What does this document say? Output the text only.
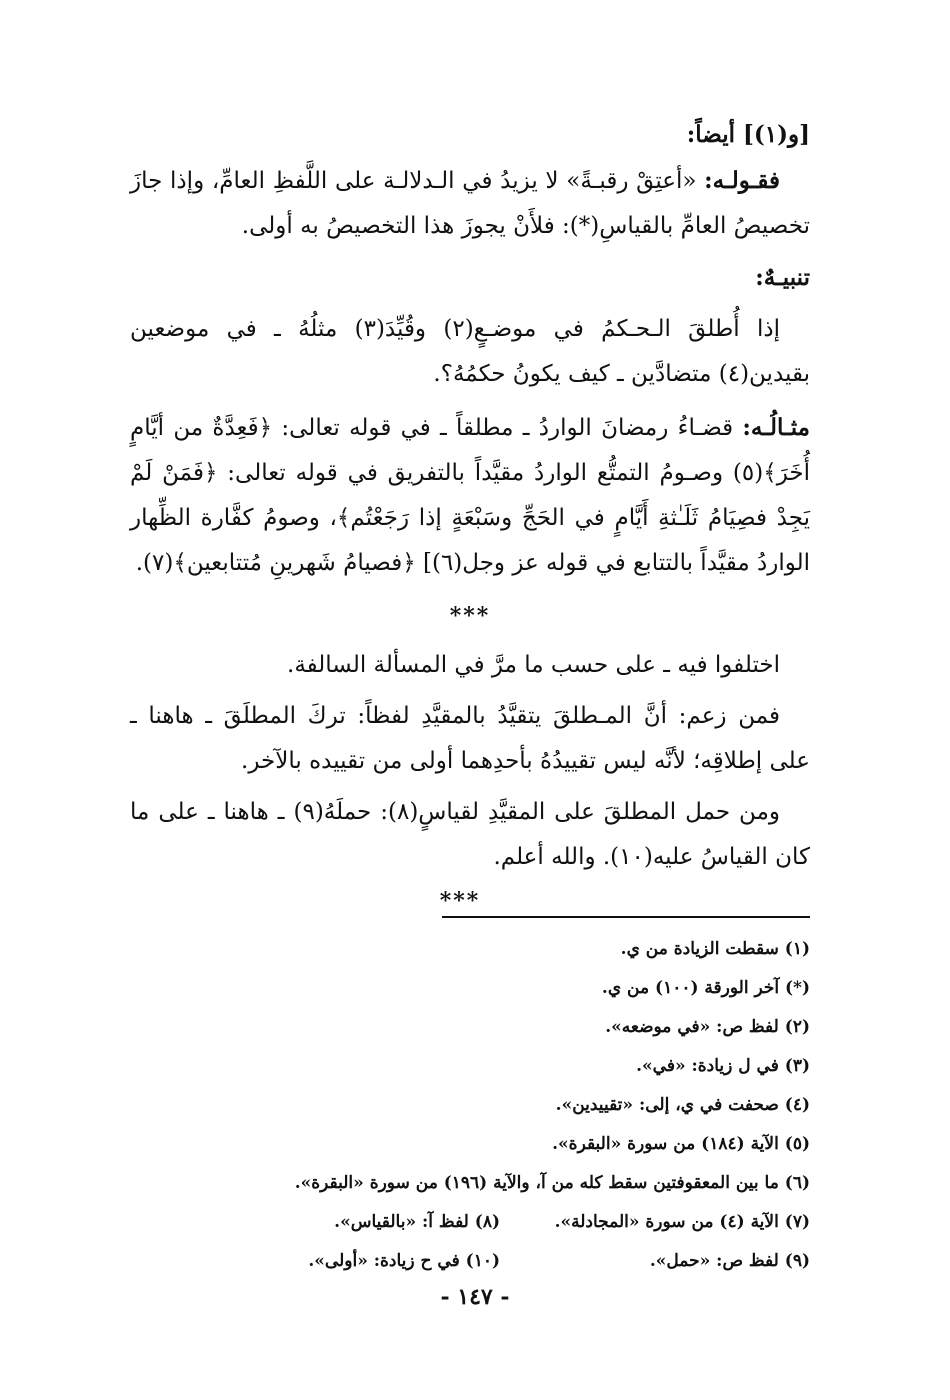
[و(١)] أيضاً:

فقـولـه: «أعتِقْ رقبـةً» لا يزيدُ في الـدلالـة على اللَّفظِ العامِّ، وإذا جازَ تخصيصُ العامِّ بالقياسِ(*): فلأَنْ يجوزَ هذا التخصيصُ به أولى.

تنبيـهٌ:

إذا أُطلقَ الـحـكمُ في موضـعٍ(٢) وقُيِّدَ(٣) مثلُهُ ـ في موضعين بقيدين(٤) متضادَّين ـ كيف يكونُ حكمُهُ؟.

مثـالُـه: قضـاءُ رمضانَ الواردُ ـ مطلقاً ـ في قوله تعالى: ﴿فَعِدَّةٌ من أيَّامٍ أُخَرَ﴾(٥) وصـومُ التمتُّع الواردُ مقيَّداً بالتفريق في قوله تعالى: ﴿فَمَنْ لَمْ يَجِدْ فصِيَامُ ثَلَـٰثةِ أَيَّامٍ في الحَجِّ وسَبْعَةٍ إذا رَجَعْتُم﴾، وصومُ كفَّارة الظِّهار الواردُ مقيَّداً بالتتابع في قوله عز وجل(٦)] ﴿فصيامُ شَهرينِ مُتتابعين﴾(٧).

***

اختلفوا فيه ـ على حسب ما مرَّ في المسألة السالفة.

فمن زعم: أنَّ المـطلقَ يتقيَّدُ بالمقيَّدِ لفظاً: تركَ المطلَقَ ـ هاهنا ـ على إطلاقِه؛ لأنَّه ليس تقييدُهُ بأحدِهما أولى من تقييده بالآخر.

ومن حمل المطلقَ على المقيَّدِ لقياسٍ(٨): حملَهُ(٩) ـ هاهنا ـ على ما كان القياسُ عليه(١٠). والله أعلم.

***
(١) سقطت الزيادة من ي.
(*) آخر الورقة (١٠٠) من ي.
(٢) لفظ ص: «في موضعه».
(٣) في ل زيادة: «في».
(٤) صحفت في ي، إلى: «تقييدين».
(٥) الآية (١٨٤) من سورة «البقرة».
(٦) ما بين المعقوفتين سقط كله من آ، والآية (١٩٦) من سورة «البقرة».
(٧) الآية (٤) من سورة «المجادلة».
(٨) لفظ آ: «بالقياس».
(٩) لفظ ص: «حمل».
(١٠) في ح زيادة: «أولى».
- ١٤٧ -
